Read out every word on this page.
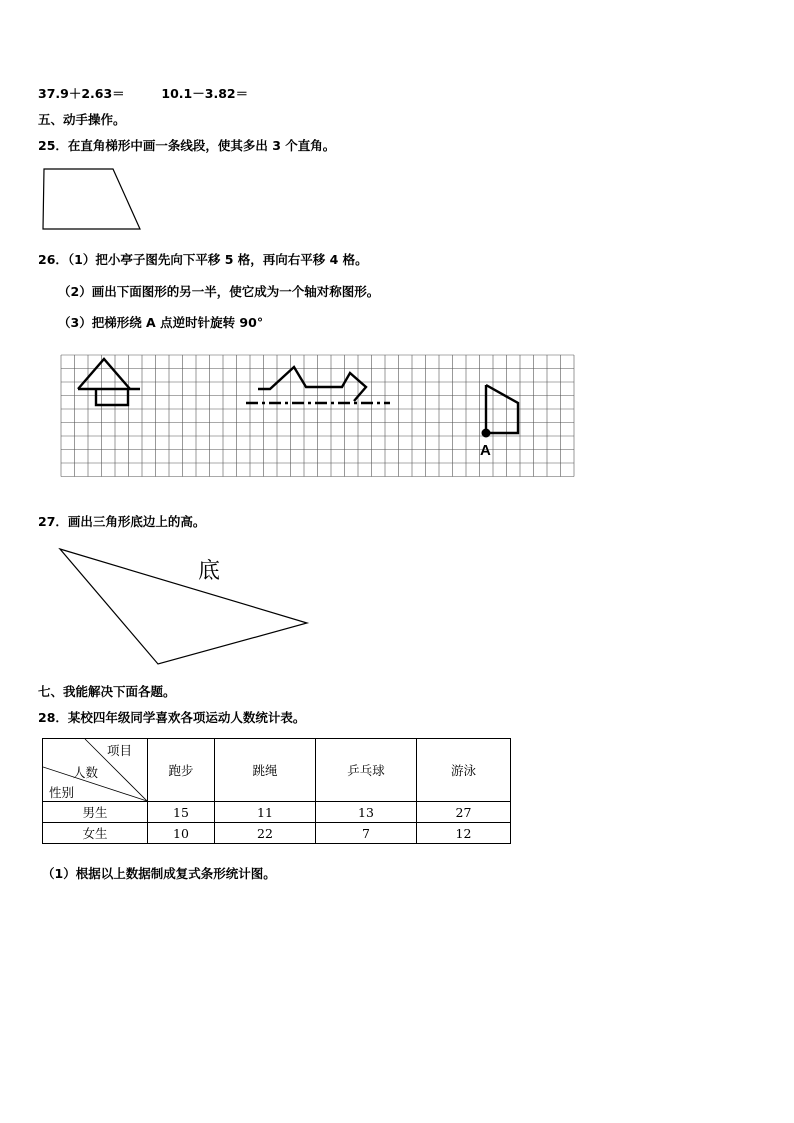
37.9＋2.63＝	10.1－3.82＝
五、动手操作。
25．在直角梯形中画一条线段，使其多出 3 个直角。
26．（1）把小亭子图先向下平移 5 格，再向右平移 4 格。
（2）画出下面图形的另一半，使它成为一个轴对称图形。
（3）把梯形绕 A 点逆时针旋转 90°
A
27．画出三角形底边上的高。
底
七、我能解决下面各题。
28．某校四年级同学喜欢各项运动人数统计表。
项目
人数
性别	跑步	跳绳	乒乓球	游泳
男生	15	11	13	27
女生	10	22	7	12
（1）根据以上数据制成复式条形统计图。
